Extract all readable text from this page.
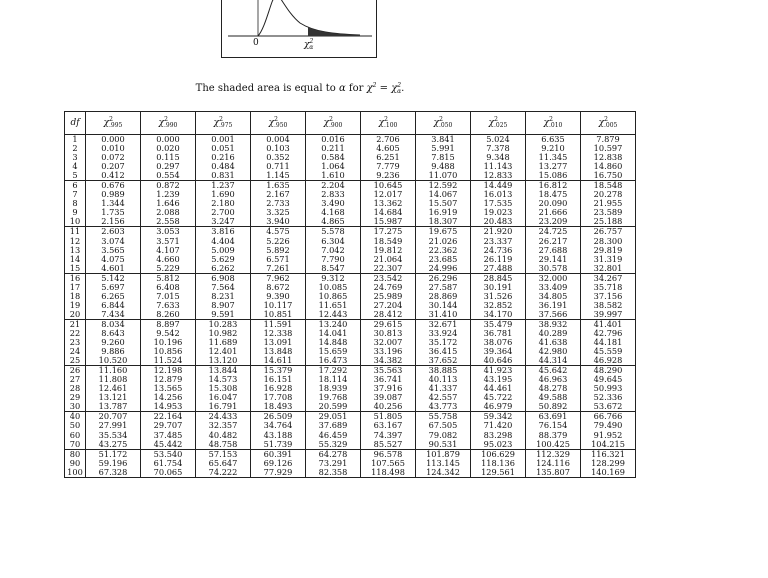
0	$\chi^2_\alpha$
The shaded area is equal to α for $\chi^2 = \chi^2_\alpha$.
df	$\chi^2_{.995}$	$\chi^2_{.990}$	$\chi^2_{.975}$	$\chi^2_{.950}$	$\chi^2_{.900}$	$\chi^2_{.100}$	$\chi^2_{.050}$	$\chi^2_{.025}$	$\chi^2_{.010}$	$\chi^2_{.005}$
1	0.000	0.000	0.001	0.004	0.016	2.706	3.841	5.024	6.635	7.879
2	0.010	0.020	0.051	0.103	0.211	4.605	5.991	7.378	9.210	10.597
3	0.072	0.115	0.216	0.352	0.584	6.251	7.815	9.348	11.345	12.838
4	0.207	0.297	0.484	0.711	1.064	7.779	9.488	11.143	13.277	14.860
5	0.412	0.554	0.831	1.145	1.610	9.236	11.070	12.833	15.086	16.750
6	0.676	0.872	1.237	1.635	2.204	10.645	12.592	14.449	16.812	18.548
7	0.989	1.239	1.690	2.167	2.833	12.017	14.067	16.013	18.475	20.278
8	1.344	1.646	2.180	2.733	3.490	13.362	15.507	17.535	20.090	21.955
9	1.735	2.088	2.700	3.325	4.168	14.684	16.919	19.023	21.666	23.589
10	2.156	2.558	3.247	3.940	4.865	15.987	18.307	20.483	23.209	25.188
11	2.603	3.053	3.816	4.575	5.578	17.275	19.675	21.920	24.725	26.757
12	3.074	3.571	4.404	5.226	6.304	18.549	21.026	23.337	26.217	28.300
13	3.565	4.107	5.009	5.892	7.042	19.812	22.362	24.736	27.688	29.819
14	4.075	4.660	5.629	6.571	7.790	21.064	23.685	26.119	29.141	31.319
15	4.601	5.229	6.262	7.261	8.547	22.307	24.996	27.488	30.578	32.801
16	5.142	5.812	6.908	7.962	9.312	23.542	26.296	28.845	32.000	34.267
17	5.697	6.408	7.564	8.672	10.085	24.769	27.587	30.191	33.409	35.718
18	6.265	7.015	8.231	9.390	10.865	25.989	28.869	31.526	34.805	37.156
19	6.844	7.633	8.907	10.117	11.651	27.204	30.144	32.852	36.191	38.582
20	7.434	8.260	9.591	10.851	12.443	28.412	31.410	34.170	37.566	39.997
21	8.034	8.897	10.283	11.591	13.240	29.615	32.671	35.479	38.932	41.401
22	8.643	9.542	10.982	12.338	14.041	30.813	33.924	36.781	40.289	42.796
23	9.260	10.196	11.689	13.091	14.848	32.007	35.172	38.076	41.638	44.181
24	9.886	10.856	12.401	13.848	15.659	33.196	36.415	39.364	42.980	45.559
25	10.520	11.524	13.120	14.611	16.473	34.382	37.652	40.646	44.314	46.928
26	11.160	12.198	13.844	15.379	17.292	35.563	38.885	41.923	45.642	48.290
27	11.808	12.879	14.573	16.151	18.114	36.741	40.113	43.195	46.963	49.645
28	12.461	13.565	15.308	16.928	18.939	37.916	41.337	44.461	48.278	50.993
29	13.121	14.256	16.047	17.708	19.768	39.087	42.557	45.722	49.588	52.336
30	13.787	14.953	16.791	18.493	20.599	40.256	43.773	46.979	50.892	53.672
40	20.707	22.164	24.433	26.509	29.051	51.805	55.758	59.342	63.691	66.766
50	27.991	29.707	32.357	34.764	37.689	63.167	67.505	71.420	76.154	79.490
60	35.534	37.485	40.482	43.188	46.459	74.397	79.082	83.298	88.379	91.952
70	43.275	45.442	48.758	51.739	55.329	85.527	90.531	95.023	100.425	104.215
80	51.172	53.540	57.153	60.391	64.278	96.578	101.879	106.629	112.329	116.321
90	59.196	61.754	65.647	69.126	73.291	107.565	113.145	118.136	124.116	128.299
100	67.328	70.065	74.222	77.929	82.358	118.498	124.342	129.561	135.807	140.169
